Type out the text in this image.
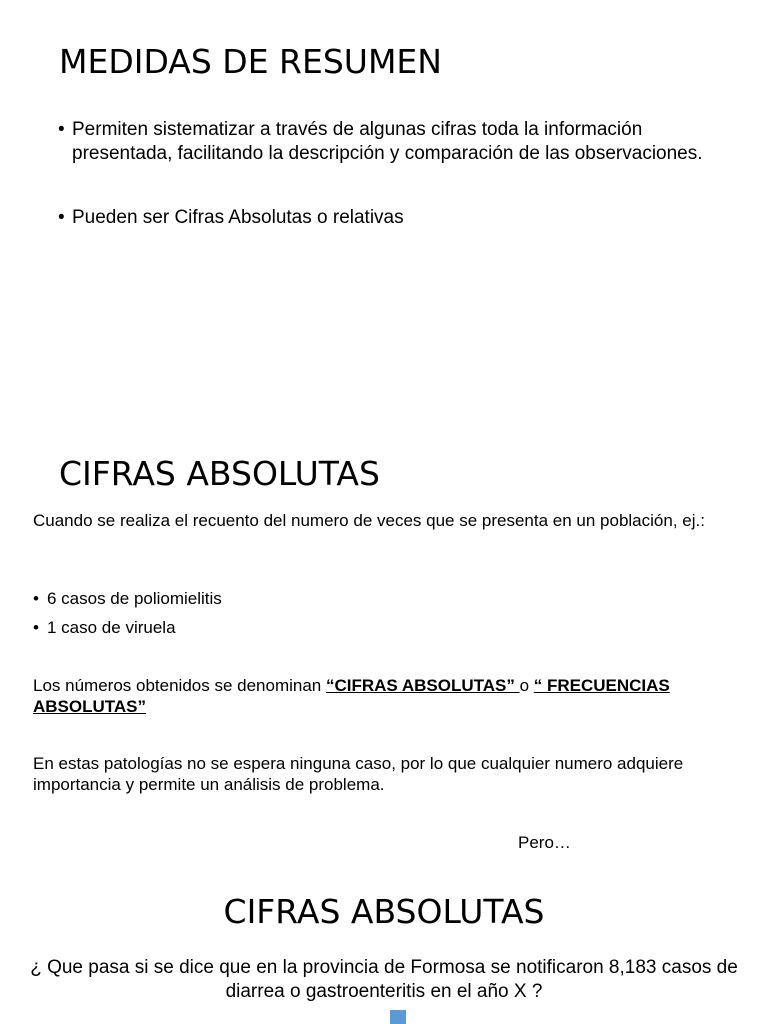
MEDIDAS DE RESUMEN
• Permiten sistematizar a través de algunas cifras toda la información presentada, facilitando la descripción y comparación de las observaciones.
• Pueden ser Cifras Absolutas o relativas
CIFRAS ABSOLUTAS

Cuando se realiza el recuento del numero de veces que se presenta en un población, ej.:

• 6 casos de poliomielitis
• 1 caso de viruela

Los números obtenidos se denominan “CIFRAS ABSOLUTAS” o “ FRECUENCIAS ABSOLUTAS”

En estas patologías no se espera ninguna caso, por lo que cualquier numero adquiere importancia y permite un análisis de problema.

Pero…

CIFRAS ABSOLUTAS

¿ Que pasa si se dice que en la provincia de Formosa se notificaron 8,183 casos de diarrea o gastroenteritis en el año X ?
